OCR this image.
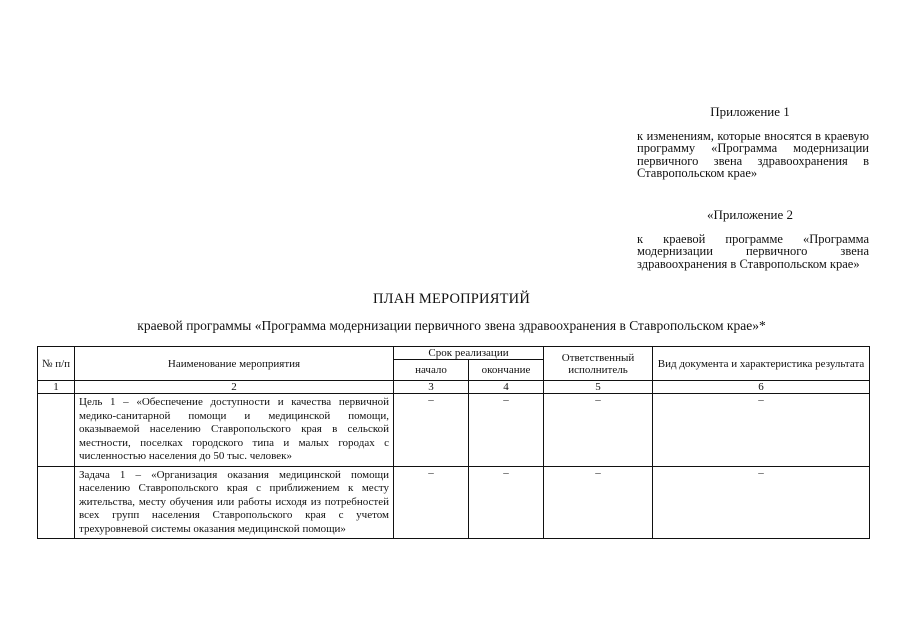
Приложение 1
к изменениям, которые вносятся в краевую программу «Программа модернизации первичного звена здравоохранения в Ставропольском крае»
«Приложение 2
к краевой программе «Программа модернизации первичного звена здравоохранения в Ставропольском крае»
ПЛАН МЕРОПРИЯТИЙ
краевой программы «Программа модернизации первичного звена здравоохранения в Ставропольском крае»*
№ п/п	Наименование мероприятия	Срок реализации		Ответственный исполнитель	Вид документа и характеристика результата
		начало	окончание		
1	2	3	4	5	6
	Цель 1 – «Обеспечение доступности и качества первичной медико-санитарной помощи и медицинской помощи, оказываемой населению Ставропольского края в сельской местности, поселках городского типа и малых городах с численностью населения до 50 тыс. человек»	–	–	–	–
	Задача 1 – «Организация оказания медицинской помощи населению Ставропольского края с приближением к месту жительства, месту обучения или работы исходя из потребностей всех групп населения Ставропольского края с учетом трехуровневой системы оказания медицинской помощи»	–	–	–	–
